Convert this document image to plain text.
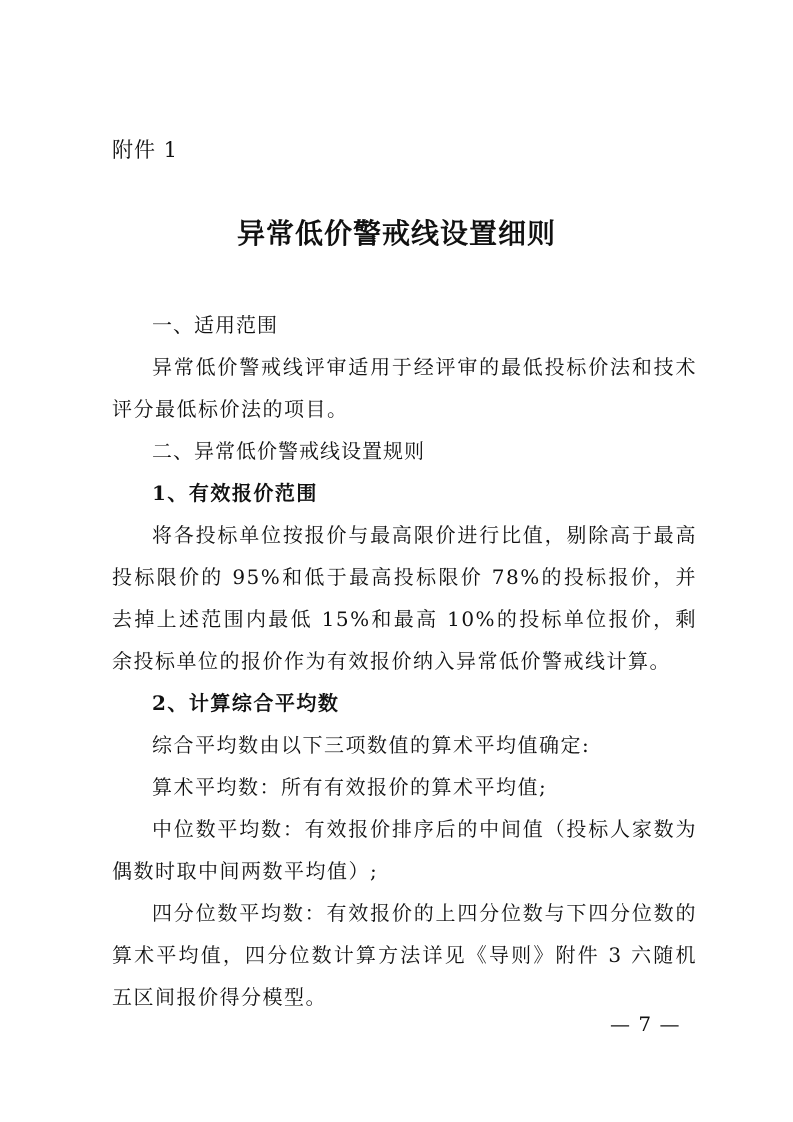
附件 1
异常低价警戒线设置细则
一、适用范围

异常低价警戒线评审适用于经评审的最低投标价法和技术评分最低标价法的项目。

二、异常低价警戒线设置规则
1、有效报价范围

将各投标单位按报价与最高限价进行比值，剔除高于最高投标限价的 95%和低于最高投标限价 78%的投标报价，并去掉上述范围内最低 15%和最高 10%的投标单位报价，剩余投标单位的报价作为有效报价纳入异常低价警戒线计算。

2、计算综合平均数

综合平均数由以下三项数值的算术平均值确定:

算术平均数：所有有效报价的算术平均值;

中位数平均数：有效报价排序后的中间值（投标人家数为偶数时取中间两数平均值）;

四分位数平均数：有效报价的上四分位数与下四分位数的算术平均值，四分位数计算方法详见《导则》附件 3 六随机五区间报价得分模型。

— 7 —
